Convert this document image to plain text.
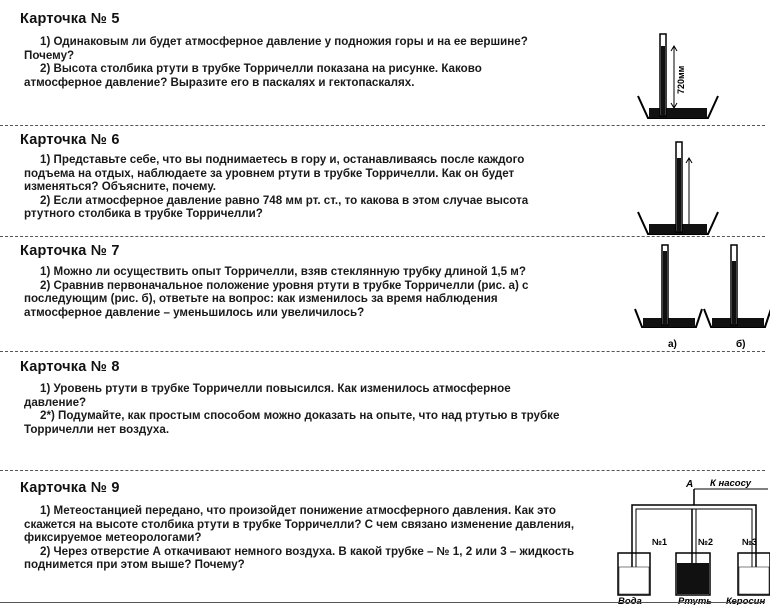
Карточка № 5

1) Одинаковым ли будет атмосферное давление у подножия горы и на ее вершине? Почему?

2) Высота столбика ртути в трубке Торричелли показана на рисунке. Каково атмосферное давление? Выразите его в паскалях и гектопаскалях.	720мм
Карточка № 6

1) Представьте себе, что вы поднимаетесь в гору и, останавливаясь после каждого подъема на отдых, наблюдаете за уровнем ртути в трубке Торричелли. Как он будет изменяться? Объясните, почему.

2) Если атмосферное давление равно 748 мм рт. ст., то какова в этом случае высота ртутного столбика в трубке Торричелли?

Карточка № 7

1) Можно ли осуществить опыт Торричелли, взяв стеклянную трубку длиной 1,5 м?

2) Сравнив первоначальное положение уровня ртути в трубке Торричелли (рис. а) с последующим (рис. б), ответьте на вопрос: как изменилось за время наблюдения атмосферное давление – уменьшилось или увеличилось?

а)	б)
Карточка № 8

1) Уровень ртути в трубке Торричелли повысился. Как изменилось атмосферное давление?

2*) Подумайте, как простым способом можно доказать на опыте, что над ртутью в трубке Торричелли нет воздуха.

Карточка № 9

1) Метеостанцией передано, что произойдет понижение атмосферного давления. Как это скажется на высоте столбика ртути в трубке Торричелли? С чем связано изменение давления, фиксируемое метеорологами?

2) Через отверстие А откачивают немного воздуха. В какой трубке – № 1, 2 или 3 – жидкость поднимется при этом выше? Почему?

А К насосу
№1	№2	№3
Вода	Ртуть Керосин
